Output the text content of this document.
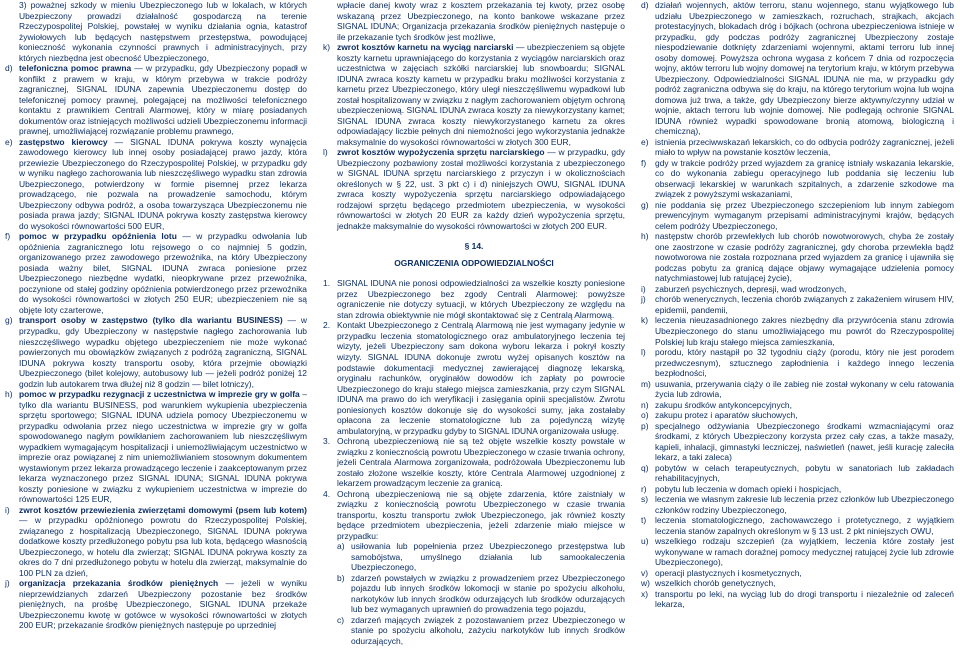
3) poważnej szkody w mieniu Ubezpieczonego lub w lokalach, w których Ubezpieczony prowadzi działalność gospodarczą na terenie Rzeczypospolitej Polskiej, powstałej w wyniku działania ognia, katastrof żywiołowych lub będących następstwem przestępstwa, powodującej konieczność wykonania czynności prawnych i administracyjnych, przy których niezbędna jest obecność Ubezpieczonego,
d) telefoniczna pomoc prawna — w przypadku, gdy Ubezpieczony popadł w konflikt z prawem w kraju, w którym przebywa w trakcie podróży zagranicznej, SIGNAL IDUNA zapewnia Ubezpieczonemu dostęp do telefonicznej pomocy prawnej, polegającej na możliwości telefonicznego kontaktu z prawnikiem Centrali Alarmowej, który w miarę posiadanych dokumentów oraz istniejących możliwości udzieli Ubezpieczonemu informacji prawnej, umożliwiającej rozwiązanie problemu prawnego,
e) zastępstwo kierowcy — SIGNAL IDUNA pokrywa koszty wynajęcia zawodowego kierowcy lub innej osoby posiadającej prawo jazdy, która przewiezie Ubezpieczonego do Rzeczypospolitej Polskiej, w przypadku gdy w wyniku nagłego zachorowania lub nieszczęśliwego wypadku stan zdrowia Ubezpieczonego, potwierdzony w formie pisemnej przez lekarza prowadzącego, nie pozwala na prowadzenie samochodu, którym Ubezpieczony odbywa podróż, a osoba towarzysząca Ubezpieczonemu nie posiada prawa jazdy; SIGNAL IDUNA pokrywa koszty zastępstwa kierowcy do wysokości równowartości 500 EUR,
f) pomoc w przypadku opóźnienia lotu — w przypadku odwołania lub opóźnienia zagranicznego lotu rejsowego o co najmniej 5 godzin, organizowanego przez zawodowego przewoźnika, na który Ubezpieczony posiada ważny bilet, SIGNAL IDUNA zwraca poniesione przez Ubezpieczonego niezbędne wydatki, nieopkrywane przez przewoźnika, poczynione od stałej godziny opóźnienia potwierdzonego przez przewoźnika do wysokości równowartości w złotych 250 EUR; ubezpieczeniem nie są objęte loty czarterowe,
g) transport osoby w zastępstwo (tylko dla wariantu BUSINESS) — w przypadku, gdy Ubezpieczony w następstwie nagłego zachorowania lub nieszczęśliwego wypadku objętego ubezpieczeniem nie może wykonać powierzonych mu obowiązków związanych z podróżą zagraniczną, SIGNAL IDUNA pokrywa koszty transportu osoby, która przejmie obowiązki Ubezpieczonego (bilet kolejowy, autobusowy lub — jeżeli podróż poniżej 12 godzin lub autokarem trwa dłużej niż 8 godzin — bilet lotniczy),
h) pomoc w przypadku rezygnacji z uczestnictwa w imprezie gry w golfa – tylko dla wariantu BUSINESS, pod warunkiem wykupienia ubezpieczenia sprzętu sportowego; SIGNAL IDUNA udziela pomocy Ubezpieczonemu w przypadku odwołania przez niego uczestnictwa w imprezie gry w golfa spowodowanego nagłym powikłaniem zachorowaniem lub nieszczęśliwym wypadkiem wymagającym hospitalizacji i uniemożliwiającym uczestnictwo w imprezie oraz powiązanej z nim uniemożliwianiem stosownym dokumentem wystawionym przez lekarza prowadzącego leczenie i zaakceptowanym przez lekarza wyznaczonego przez SIGNAL IDUNA; SIGNAL IDUNA pokrywa koszty poniesione w związku z wykupieniem uczestnictwa w imprezie do równowartości 125 EUR,
i) zwrot kosztów przewiezienia zwierzętami domowymi (psem lub kotem) — w przypadku opóźnionego powrotu do Rzeczypospolitej Polskiej, związanego z hospitalizacją Ubezpieczonego, SIGNAL IDUNA pokrywa dodatkowe koszty przedłużonego pobytu psa lub kota, będącego własnością Ubezpieczonego, w hotelu dla zwierząt; SIGNAL IDUNA pokrywa koszty za okres do 7 dni przedłużonego pobytu w hotelu dla zwierząt, maksymalnie do 100 PLN za dzień,
j) organizacja przekazania środków pieniężnych — jeżeli w wyniku nieprzewidzianych zdarzeń Ubezpieczony pozostanie bez środków pieniężnych, na prośbę Ubezpieczonego, SIGNAL IDUNA przekaże Ubezpieczonemu kwotę w gotówce w wysokości równowartości w złotych 200 EUR; przekazanie środków pieniężnych następuje po uprzedniej
wpłacie danej kwoty wraz z kosztem przekazania tej kwoty, przez osobę wskazaną przez Ubezpieczonego, na konto bankowe wskazane przez SIGNAL IDUNA; Organizacja przekazania środków pieniężnych następuje o ile przekazanie tych środków jest możliwe,
k) zwrot kosztów karnetu na wyciąg narciarski — ubezpieczeniem są objęte koszty karnetu uprawniającego do korzystania z wyciągów narciarskich oraz uczestnictwa w zajęciach szkółki narciarskiej lub snowboardu; SIGNAL IDUNA zwraca koszty karnetu w przypadku braku możliwości korzystania z karnetu przez Ubezpieczonego, który uległ nieszczęśliwemu wypadkowi lub został hospitalizowany w związku z nagłym zachorowaniem objętym ochroną ubezpieczeniową. SIGNAL IDUNA zwraca koszty za niewykorzystany karnet; SIGNAL IDUNA zwraca koszty niewykorzystanego karnetu za okres odpowiadający liczbie pełnych dni niemożności jego wykorzystania jednakże maksymalnie do wysokości równowartości w złotych 300 EUR,
l) zwrot kosztów wypożyczenia sprzętu narciarskiego — w przypadku, gdy Ubezpieczony pozbawiony został możliwości korzystania z ubezpieczonego w SIGNAL IDUNA sprzętu narciarskiego z przyczyn i w okolicznościach określonych w § 22, ust. 3 pkt c) i d) niniejszych OWU, SIGNAL IDUNA zwraca koszty wypożyczenia sprzętu narciarskiego odpowiadającego rodzajowi sprzętu będącego przedmiotem ubezpieczenia, w wysokości równowartości w złotych 20 EUR za każdy dzień wypożyczenia sprzętu, jednakże maksymalnie do wysokości równowartości w złotych 200 EUR.
§ 14.
OGRANICZENIA ODPOWIEDZIALNOŚCI
1. SIGNAL IDUNA nie ponosi odpowiedzialności za wszelkie koszty poniesione przez Ubezpieczonego bez zgody Centrali Alarmowej: powyższe ograniczenie nie dotyczy sytuacji, w których Ubezpieczony ze względu na stan zdrowia obiektywnie nie mógł skontaktować się z Centralą Alarmową.
2. Kontakt Ubezpieczonego z Centralą Alarmową nie jest wymagany jedynie w przypadku leczenia stomatologicznego oraz ambulatoryjnego leczenia tej wizyty, jeżeli Ubezpieczony sam dokona wyboru lekarza i pokrył koszty wizyty. SIGNAL IDUNA dokonuje zwrotu wyżej opisanych kosztów na podstawie dokumentacji medycznej zawierającej diagnozę lekarską, oryginału rachunków, oryginałów dowodów ich zapłaty po powrocie Ubezpieczonego do kraju stałego miejsca zamieszkania, przy czym SIGNAL IDUNA ma prawo do ich weryfikacji i zasięgania opinii specjalistów. Zwrotu poniesionych kosztów dokonuje się do wysokości sumy, jaka zostałaby opłacona za leczenie stomatologiczne lub za pojedynczą wizytę ambulatoryjną, w przypadku gdyby to SIGNAL IDUNA organizowała usługę.
3. Ochroną ubezpieczeniową nie są też objęte wszelkie koszty powstałe w związku z koniecznością powrotu Ubezpieczonego w czasie trwania ochrony, jeżeli Centrala Alarmowa zorganizowała, podróżowała Ubezpieczonemu lub zostało złożone wszelkie koszty, które Centrala Alarmowej uzgodnionej z lekarzem prowadzącym leczenie za granicą.
4. Ochroną ubezpieczeniową nie są objęte zdarzenia, które zaistniały w związku z koniecznością powrotu Ubezpieczonego w czasie trwania transportu, kosztu transportu zwłok Ubezpieczonego, jak również koszty będące przedmiotem ubezpieczenia, jeżeli zdarzenie miało miejsce w przypadku:
a) usiłowania lub popełnienia przez Ubezpieczonego przestępstwa lub samobójstwa, umyślnego działania lub samookaleczenia Ubezpieczonego,
b) zdarzeń powstałych w związku z prowadzeniem przez Ubezpieczonego pojazdu lub innych środków lokomocji w stanie po spożyciu alkoholu, narkotyków lub innych środków odurzających lub środków odurzających lub bez wymaganych uprawnień do prowadzenia tego pojazdu,
c) zdarzeń mających związek z pozostawaniem przez Ubezpieczonego w stanie po spożyciu alkoholu, zażyciu narkotyków lub innych środków odurzających,
d) działań wojennych, aktów terroru, stanu wojennego, stanu wyjątkowego lub udziału Ubezpieczonego w zamieszkach, rozruchach, strajkach, akcjach protestacyjnych, blokadach dróg i bójkach (ochrona ubezpieczeniowa istnieje w przypadku, gdy podczas podróży zagranicznej Ubezpieczony zostaje niespodziewanie dotknięty zdarzeniami wojennymi, aktami terroru lub innej osoby domowej. Powyższa ochrona wygasa z końcem 7 dnia od rozpoczęcia wojny, aktów terroru lub wojny domowej na terytorium kraju, w którym przebywa Ubezpieczony. Odpowiedzialności SIGNAL IDUNA nie ma, w przypadku gdy podróż zagraniczna odbywa się do kraju, na którego terytorium wojna lub wojna domowa już trwa, a także, gdy Ubezpieczony bierze aktywny/czynny udział w wojnie, aktach terroru lub wojnie domowej. Nie podlegają ochronie SIGNAL IDUNA również wypadki spowodowane bronią atomową, biologiczną i chemiczną),
e) istnienia przeciwwskazań lekarskich, co do odbycia podróży zagranicznej, jeżeli miało to wpływ na powstanie kosztów leczenia,
f) gdy w trakcie podróży przed wyjazdem za granicę istniały wskazania lekarskie, co do wykonania zabiegu operacyjnego lub poddania się leczeniu lub obserwacji lekarskiej w warunkach szpitalnych, a zdarzenie szkodowe ma związek z powyższymi wskazaniami,
g) nie poddania się przez Ubezpieczonego szczepieniom lub innym zabiegom prewencyjnym wymaganym przepisami administracyjnymi krajów, będących celem podróży Ubezpieczonego,
h) następstw chorób przewlekłych lub chorób nowotworowych, chyba że zostały one zaostrzone w czasie podróży zagranicznej, gdy choroba przewlekła bądź nowotworowa nie została rozpoznana przed wyjazdem za granicę i ujawniła się podczas pobytu za granicą dające objawy wymagające udzielenia pomocy natychmiastowej lub ratującej życie),
i) zaburzeń psychicznych, depresji, wad wrodzonych,
j) chorób wenerycznych, leczenia chorób związanych z zakażeniem wirusem HIV, epidemii, pandemii,
k) leczenia nieuzasadnionego zakres niezbędny dla przywrócenia stanu zdrowia Ubezpieczonego do stanu umożliwiającego mu powrót do Rzeczypospolitej Polskiej lub kraju stałego miejsca zamieszkania,
l) porodu, który nastąpił po 32 tygodniu ciąży (porodu, który nie jest porodem przedwczesnym), sztucznego zapłodnienia i każdego innego leczenia bezpłodności,
m) usuwania, przerywania ciąży o ile zabieg nie został wykonany w celu ratowania życia lub zdrowia,
n) zakupu środków antykoncepcyjnych,
o) zakupu protez i aparatów słuchowych,
p) specjalnego odżywiania Ubezpieczonego środkami wzmacniającymi oraz środkami, z których Ubezpieczony korzysta przez cały czas, a także masaży, kąpieli, inhalacji, gimnastyki leczniczej, naświetleń (nawet, jeśli kurację zaleciła lekarz, a taki zaleca)
q) pobytów w celach terapeutycznych, pobytu w sanatoriach lub zakładach rehabilitacyjnych,
r) pobytu lub leczenia w domach opieki i hospicjach,
s) leczenia we własnym zakresie lub leczenia przez członków lub Ubezpieczonego członków rodziny Ubezpieczonego,
t) leczenia stomatologicznego, zachowawczego i protetycznego, z wyjątkiem leczenia stanów zapalnych określonym w § 13 ust. 2 pkt niniejszych OWU,
u) wszelkiego rodzaju szczepień (za wyjątkiem, leczenia które zostały jest wykonywane w ramach doraźnej pomocy medycznej ratującej życie lub zdrowie Ubezpieczonego),
v) operacji plastycznych i kosmetycznych,
w) wszelkich chorób genetycznych,
x) transportu po leki, na wyciąg lub do drogi transportu i niezależnie od zaleceń lekarza,
